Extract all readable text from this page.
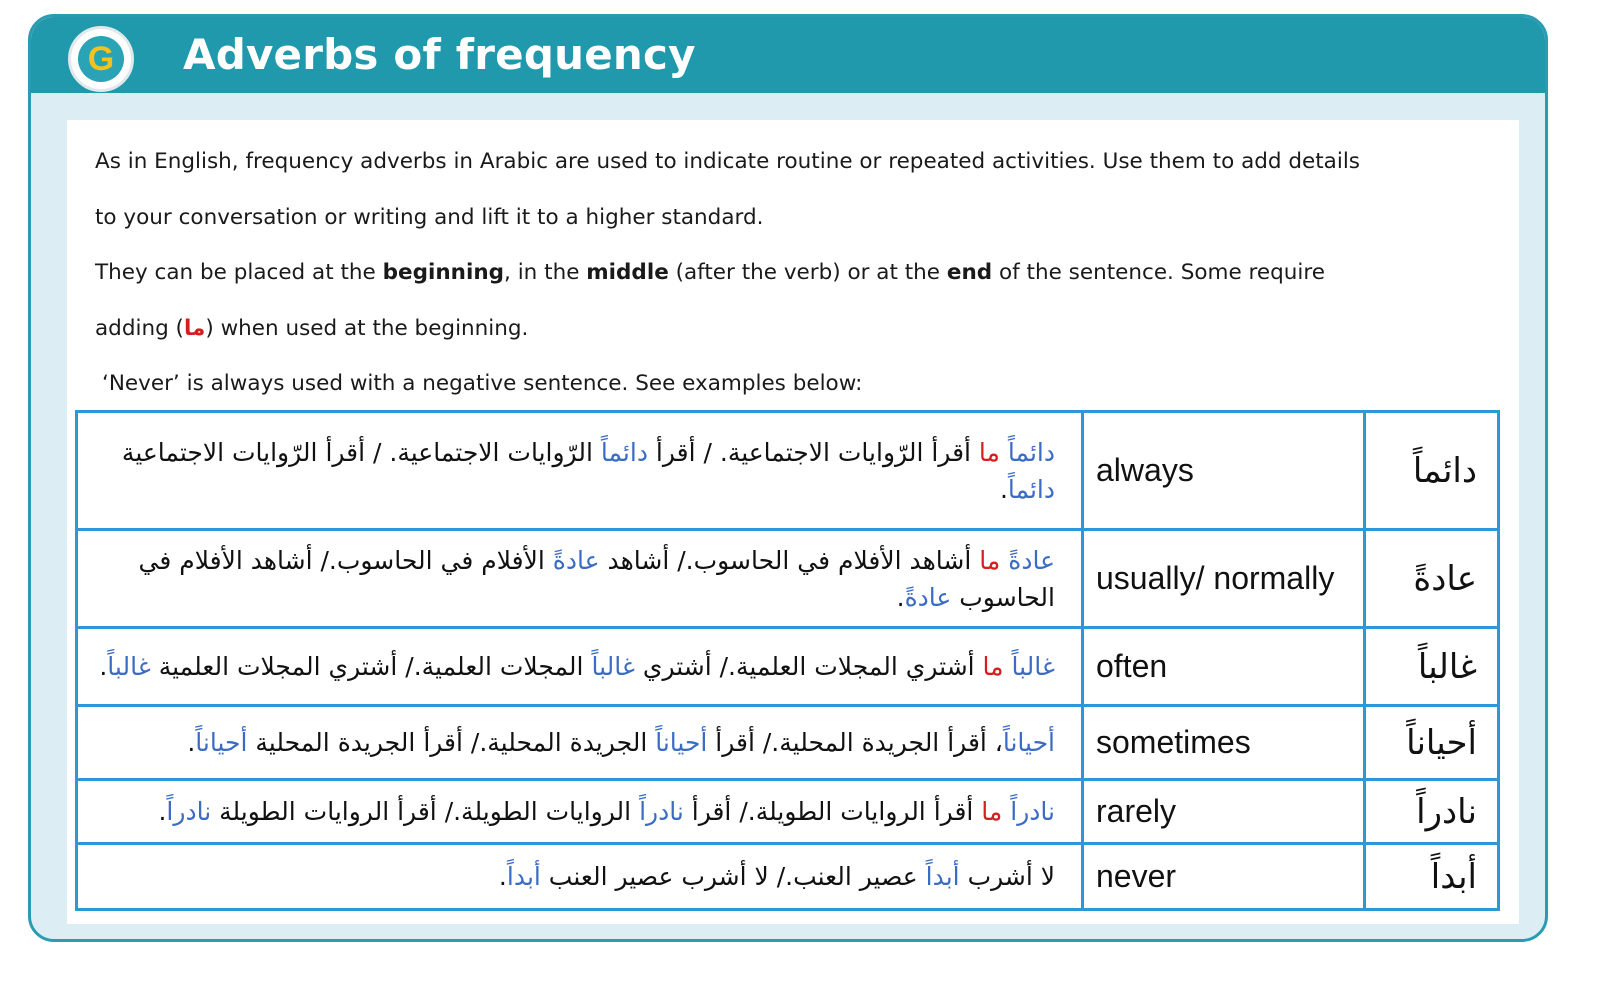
G Adverbs of frequency

As in English, frequency adverbs in Arabic are used to indicate routine or repeated activities. Use them to add details

to your conversation or writing and lift it to a higher standard.

They can be placed at the beginning, in the middle (after the verb) or at the end of the sentence. Some require

adding (ما) when used at the beginning.

‘Never’ is always used with a negative sentence. See examples below:

دائماً ما أقرأ الرّوايات الاجتماعية. / أقرأ دائماً الرّوايات الاجتماعية. / أقرأ الرّوايات الاجتماعية دائماً.	always	دائماً
عادةً ما أشاهد الأفلام في الحاسوب./ أشاهد عادةً الأفلام في الحاسوب./ أشاهد الأفلام في الحاسوب عادةً.	usually/ normally	عادةً
غالباً ما أشتري المجلات العلمية./ أشتري غالباً المجلات العلمية./ أشتري المجلات العلمية غالباً.	often	غالباً
أحياناً، أقرأ الجريدة المحلية./ أقرأ أحياناً الجريدة المحلية./ أقرأ الجريدة المحلية أحياناً.	sometimes	أحياناً
نادراً ما أقرأ الروايات الطويلة./ أقرأ نادراً الروايات الطويلة./ أقرأ الروايات الطويلة نادراً.	rarely	نادراً
لا أشرب أبداً عصير العنب./ لا أشرب عصير العنب أبداً.	never	أبداً
